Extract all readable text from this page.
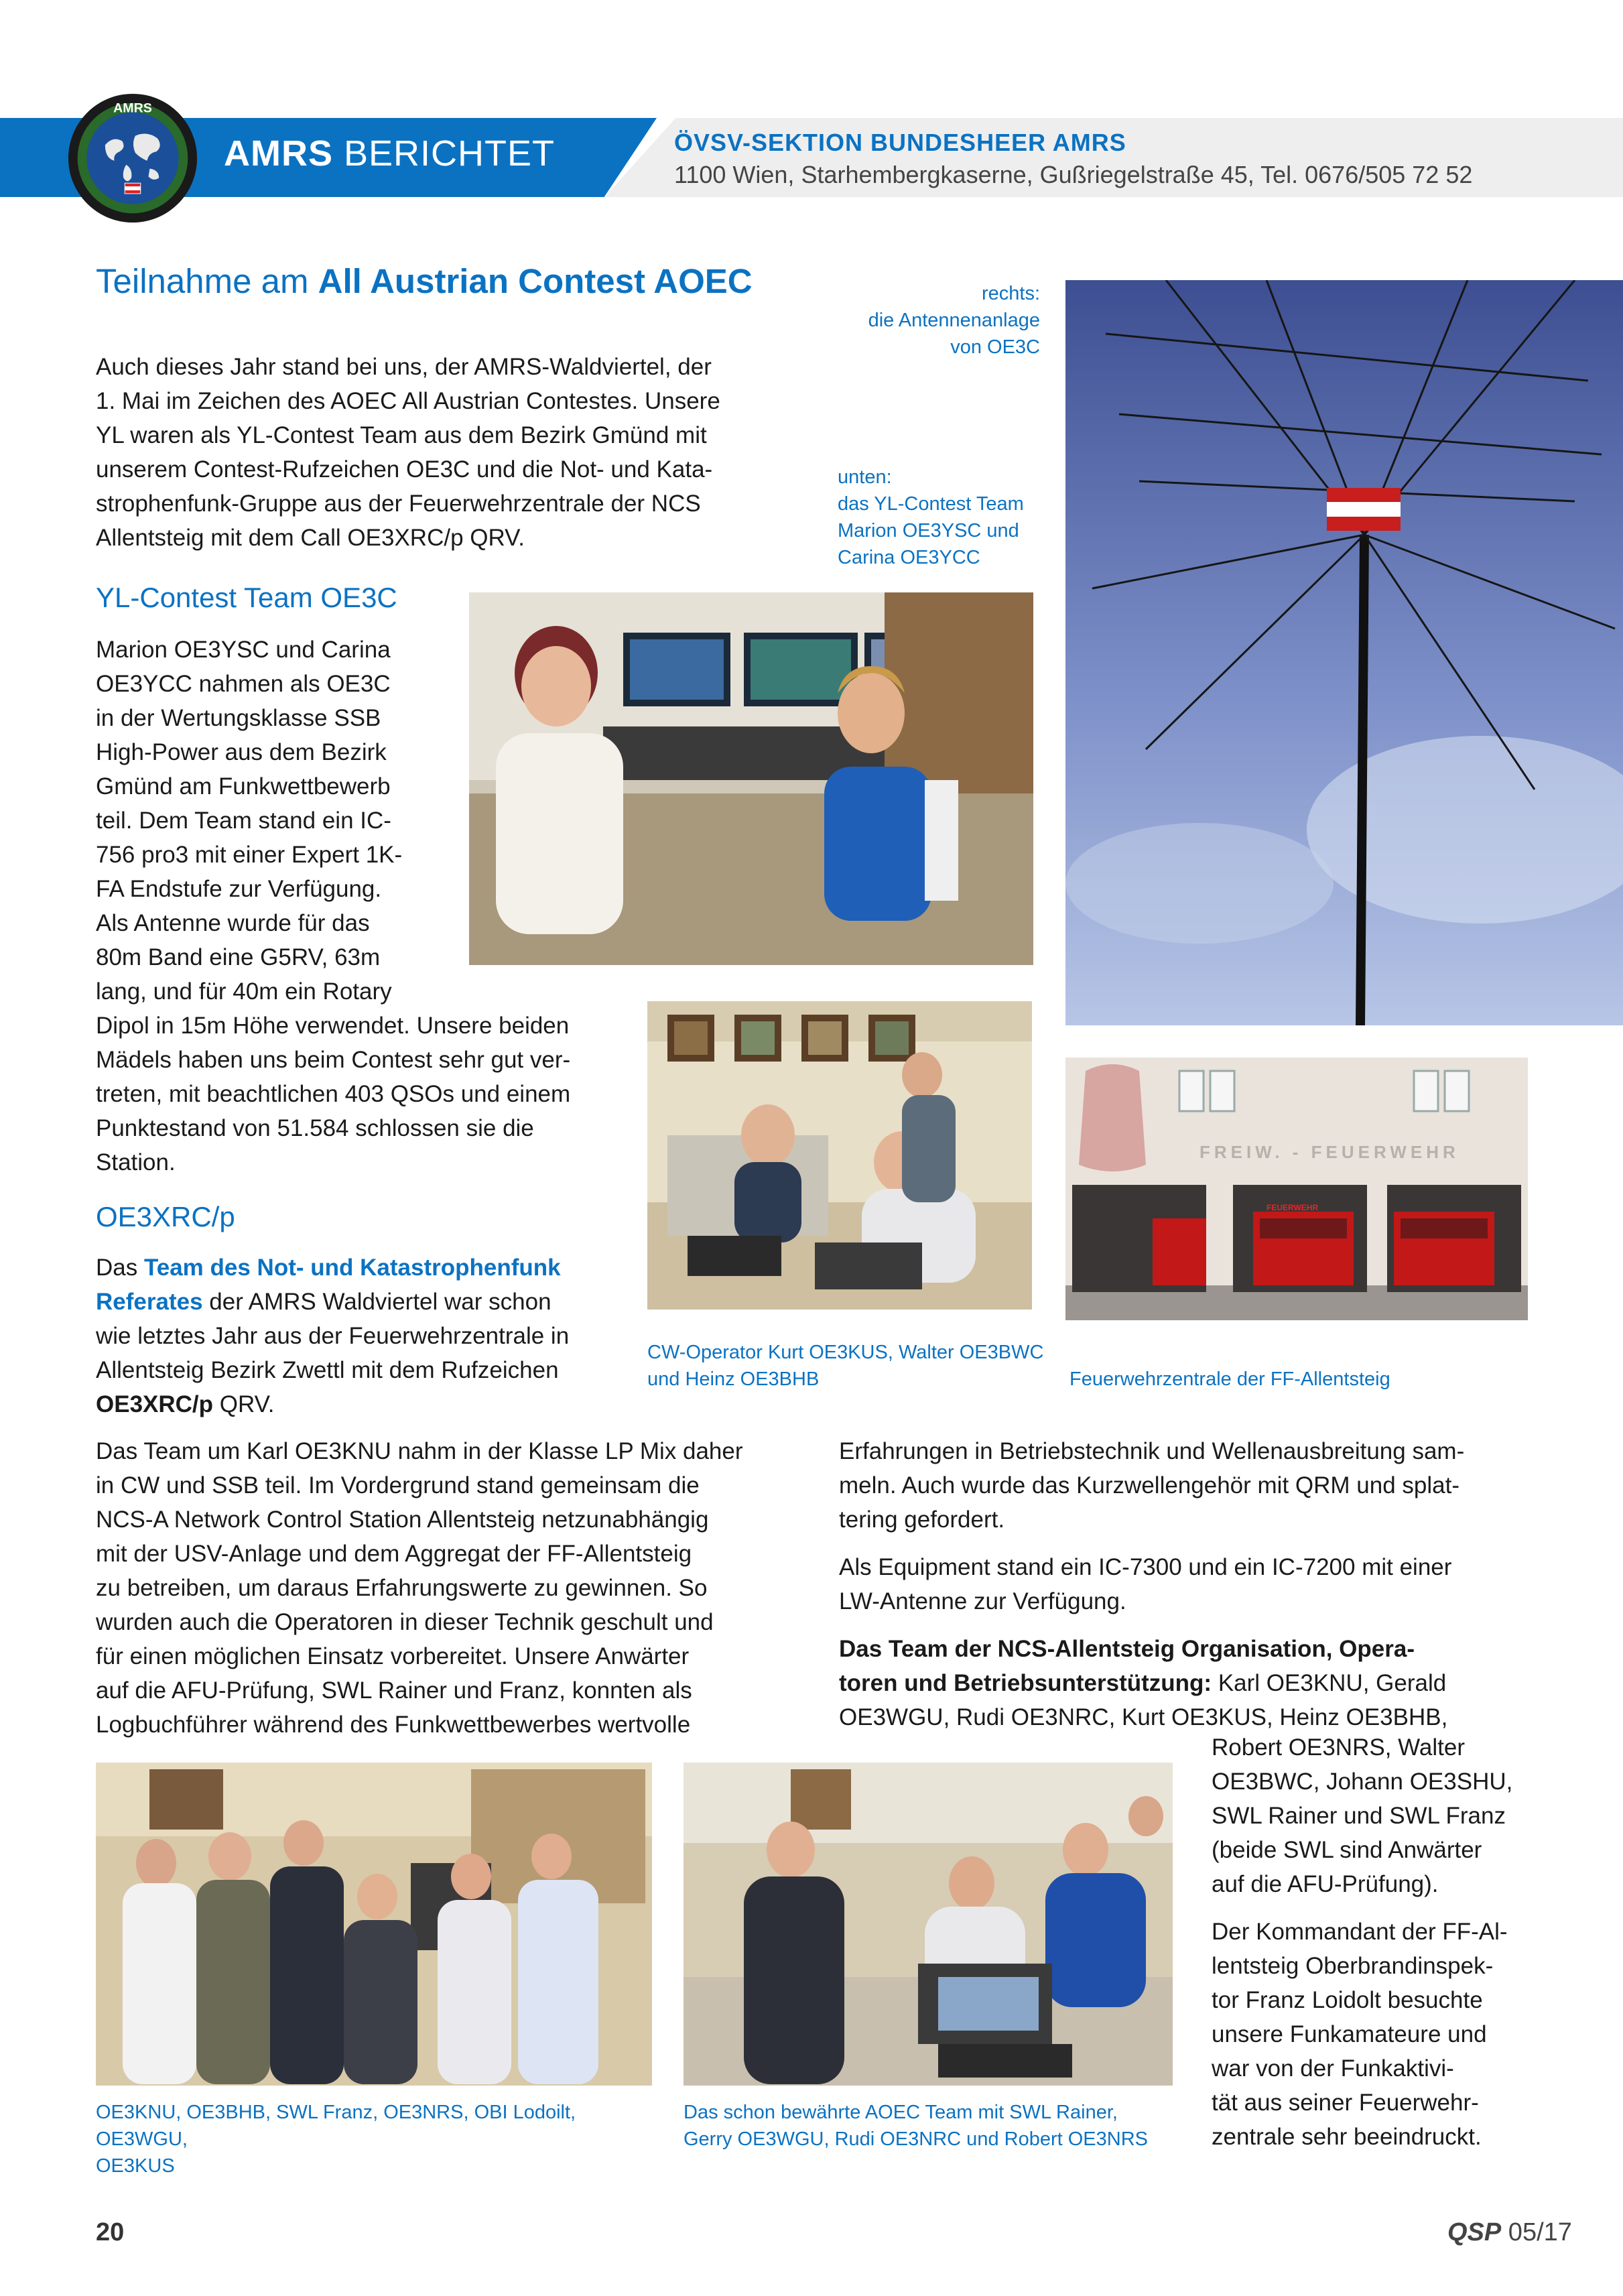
AMRS
AMRS BERICHTET	ÖVSV-SEKTION BUNDESHEER AMRS
1100 Wien, Starhembergkaserne, Gußriegelstraße 45, Tel. 0676/505 72 52
Teilnahme am All Austrian Contest AOEC
Auch dieses Jahr stand bei uns, der AMRS-Waldviertel, der
1. Mai im Zeichen des AOEC All Austrian Contestes. Unsere
YL waren als YL-Contest Team aus dem Bezirk Gmünd mit
unserem Contest-Rufzeichen OE3C und die Not- und Kata-
strophenfunk-Gruppe aus der Feuerwehrzentrale der NCS
Allentsteig mit dem Call OE3XRC/p QRV.
rechts:
die Antennenanlage
von OE3C
unten:
das YL-Contest Team
Marion OE3YSC und
Carina OE3YCC
YL-Contest Team OE3C
Marion OE3YSC und Carina
OE3YCC nahmen als OE3C
in der Wertungsklasse SSB
High-Power aus dem Bezirk
Gmünd am Funkwettbewerb
teil. Dem Team stand ein IC-
756 pro3 mit einer Expert 1K-
FA Endstufe zur Verfügung.
Als Antenne wurde für das
80m Band eine G5RV, 63m
lang, und für 40m ein Rotary
Dipol in 15m Höhe verwendet. Unsere beiden
Mädels haben uns beim Contest sehr gut ver-
treten, mit beachtlichen 403 QSOs und einem
Punktestand von 51.584 schlossen sie die
Station.
OE3XRC/p
Das Team des Not- und Katastrophenfunk
Referates der AMRS Waldviertel war schon
wie letztes Jahr aus der Feuerwehrzentrale in
Allentsteig Bezirk Zwettl mit dem Rufzeichen
OE3XRC/p QRV.
Das Team um Karl OE3KNU nahm in der Klasse LP Mix daher
in CW und SSB teil. Im Vordergrund stand gemeinsam die
NCS-A Network Control Station Allentsteig netzunabhängig
mit der USV-Anlage und dem Aggregat der FF-Allentsteig
zu betreiben, um daraus Erfahrungswerte zu gewinnen. So
wurden auch die Operatoren in dieser Technik geschult und
für einen möglichen Einsatz vorbereitet. Unsere Anwärter
auf die AFU-Prüfung, SWL Rainer und Franz, konnten als
Logbuchführer während des Funkwettbewerbes wertvolle

Erfahrungen in Betriebstechnik und Wellenausbreitung sam-
meln. Auch wurde das Kurzwellengehör mit QRM und splat-
tering gefordert.

Als Equipment stand ein IC-7300 und ein IC-7200 mit einer
LW-Antenne zur Verfügung.

Das Team der NCS-Allentsteig Organisation, Opera-
toren und Betriebsunterstützung: Karl OE3KNU, Gerald
OE3WGU, Rudi OE3NRC, Kurt OE3KUS, Heinz OE3BHB,

Robert OE3NRS, Walter
OE3BWC, Johann OE3SHU,
SWL Rainer und SWL Franz
(beide SWL sind Anwärter
auf die AFU-Prüfung).

Der Kommandant der FF-Al-
lentsteig Oberbrandinspek-
tor Franz Loidolt besuchte
unsere Funkamateure und
war von der Funkaktivi-
tät aus seiner Feuerwehr-
zentrale sehr beeindruckt.

FREIW. - FEUERWEHR
FEUERWEHR
CW-Operator Kurt OE3KUS, Walter OE3BWC
und Heinz OE3BHB	Feuerwehrzentrale der FF-Allentsteig
OE3KNU, OE3BHB, SWL Franz, OE3NRS, OBI Lodoilt, OE3WGU,
OE3KUS
Das schon bewährte AOEC Team mit SWL Rainer,
Gerry OE3WGU, Rudi OE3NRC und Robert OE3NRS
20	QSP 05/17
